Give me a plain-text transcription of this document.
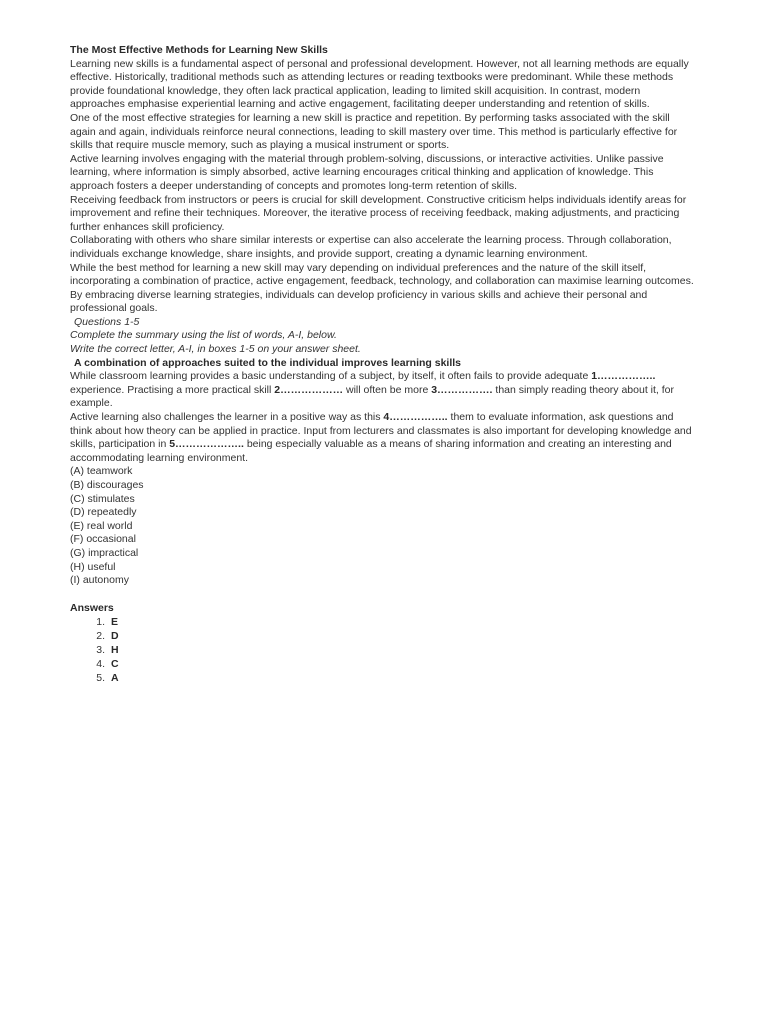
The Most Effective Methods for Learning New Skills
Learning new skills is a fundamental aspect of personal and professional development. However, not all learning methods are equally effective. Historically, traditional methods such as attending lectures or reading textbooks were predominant. While these methods provide foundational knowledge, they often lack practical application, leading to limited skill acquisition. In contrast, modern approaches emphasise experiential learning and active engagement, facilitating deeper understanding and retention of skills.
One of the most effective strategies for learning a new skill is practice and repetition. By performing tasks associated with the skill again and again, individuals reinforce neural connections, leading to skill mastery over time. This method is particularly effective for skills that require muscle memory, such as playing a musical instrument or sports.
Active learning involves engaging with the material through problem-solving, discussions, or interactive activities. Unlike passive learning, where information is simply absorbed, active learning encourages critical thinking and application of knowledge. This approach fosters a deeper understanding of concepts and promotes long-term retention of skills.
Receiving feedback from instructors or peers is crucial for skill development. Constructive criticism helps individuals identify areas for improvement and refine their techniques. Moreover, the iterative process of receiving feedback, making adjustments, and practicing further enhances skill proficiency.
Collaborating with others who share similar interests or expertise can also accelerate the learning process. Through collaboration, individuals exchange knowledge, share insights, and provide support, creating a dynamic learning environment.
While the best method for learning a new skill may vary depending on individual preferences and the nature of the skill itself, incorporating a combination of practice, active engagement, feedback, technology, and collaboration can maximise learning outcomes. By embracing diverse learning strategies, individuals can develop proficiency in various skills and achieve their personal and professional goals.
Questions 1-5
Complete the summary using the list of words, A-I, below.
Write the correct letter, A-I, in boxes 1-5 on your answer sheet.
A combination of approaches suited to the individual improves learning skills
While classroom learning provides a basic understanding of a subject, by itself, it often fails to provide adequate 1…………….. experience. Practising a more practical skill 2……………… will often be more 3……………. than simply reading theory about it, for example.
Active learning also challenges the learner in a positive way as this 4…………….. them to evaluate information, ask questions and think about how theory can be applied in practice. Input from lecturers and classmates is also important for developing knowledge and skills, participation in 5……………….. being especially valuable as a means of sharing information and creating an interesting and accommodating learning environment.
(A) teamwork
(B) discourages
(C) stimulates
(D) repeatedly
(E) real world
(F) occasional
(G) impractical
(H) useful
(I) autonomy
Answers
E
D
H
C
A
